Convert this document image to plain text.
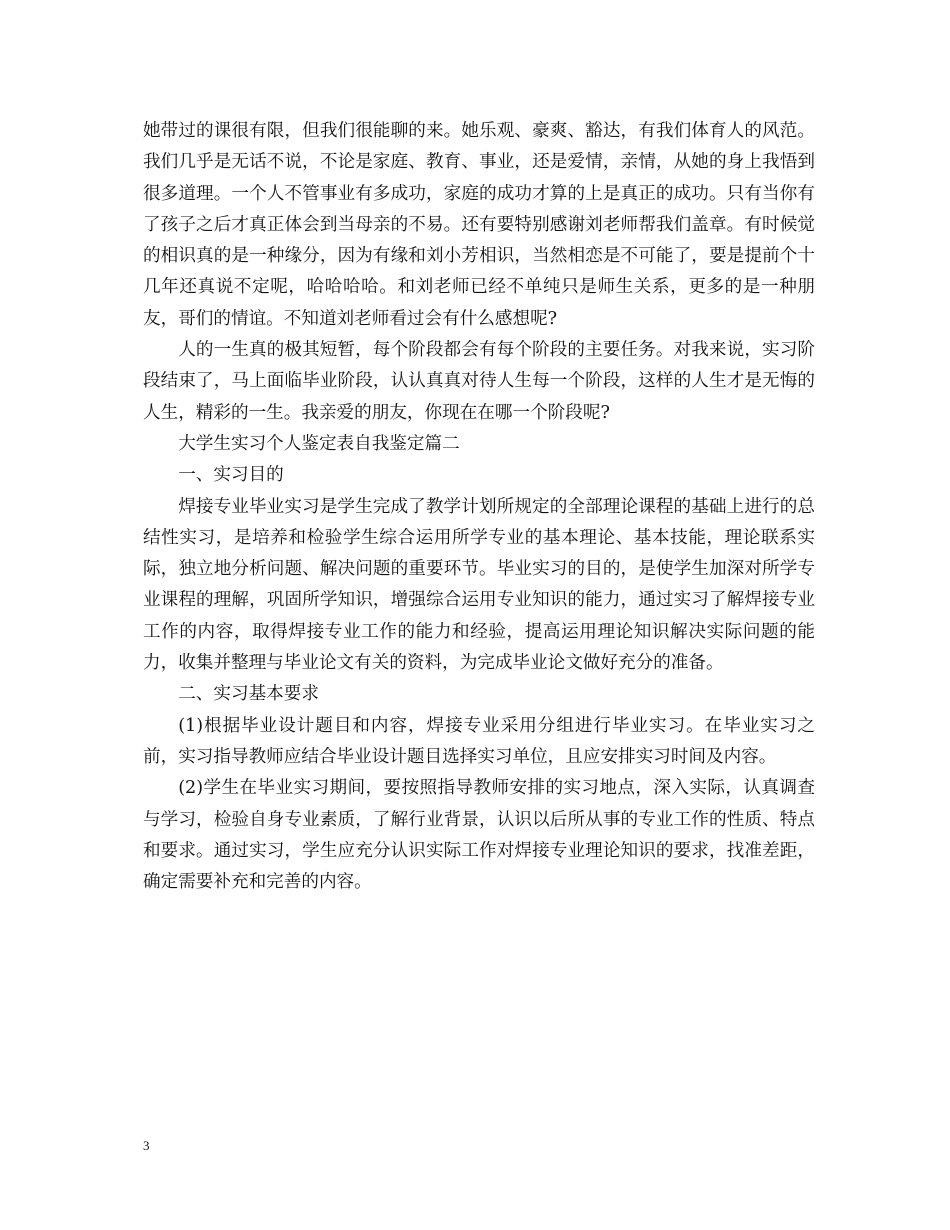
她带过的课很有限，但我们很能聊的来。她乐观、豪爽、豁达，有我们体育人的风范。我们几乎是无话不说，不论是家庭、教育、事业，还是爱情，亲情，从她的身上我悟到很多道理。一个人不管事业有多成功，家庭的成功才算的上是真正的成功。只有当你有了孩子之后才真正体会到当母亲的不易。还有要特别感谢刘老师帮我们盖章。有时候觉的相识真的是一种缘分，因为有缘和刘小芳相识，当然相恋是不可能了，要是提前个十几年还真说不定呢，哈哈哈哈。和刘老师已经不单纯只是师生关系，更多的是一种朋友，哥们的情谊。不知道刘老师看过会有什么感想呢?

人的一生真的极其短暂，每个阶段都会有每个阶段的主要任务。对我来说，实习阶段结束了，马上面临毕业阶段，认认真真对待人生每一个阶段，这样的人生才是无悔的人生，精彩的一生。我亲爱的朋友，你现在在哪一个阶段呢?

大学生实习个人鉴定表自我鉴定篇二

一、实习目的

焊接专业毕业实习是学生完成了教学计划所规定的全部理论课程的基础上进行的总结性实习，是培养和检验学生综合运用所学专业的基本理论、基本技能，理论联系实际，独立地分析问题、解决问题的重要环节。毕业实习的目的，是使学生加深对所学专业课程的理解，巩固所学知识，增强综合运用专业知识的能力，通过实习了解焊接专业工作的内容，取得焊接专业工作的能力和经验，提高运用理论知识解决实际问题的能力，收集并整理与毕业论文有关的资料，为完成毕业论文做好充分的准备。

二、实习基本要求

(1)根据毕业设计题目和内容，焊接专业采用分组进行毕业实习。在毕业实习之前，实习指导教师应结合毕业设计题目选择实习单位，且应安排实习时间及内容。

(2)学生在毕业实习期间，要按照指导教师安排的实习地点，深入实际，认真调查与学习，检验自身专业素质，了解行业背景，认识以后所从事的专业工作的性质、特点和要求。通过实习，学生应充分认识实际工作对焊接专业理论知识的要求，找准差距，确定需要补充和完善的内容。

3
